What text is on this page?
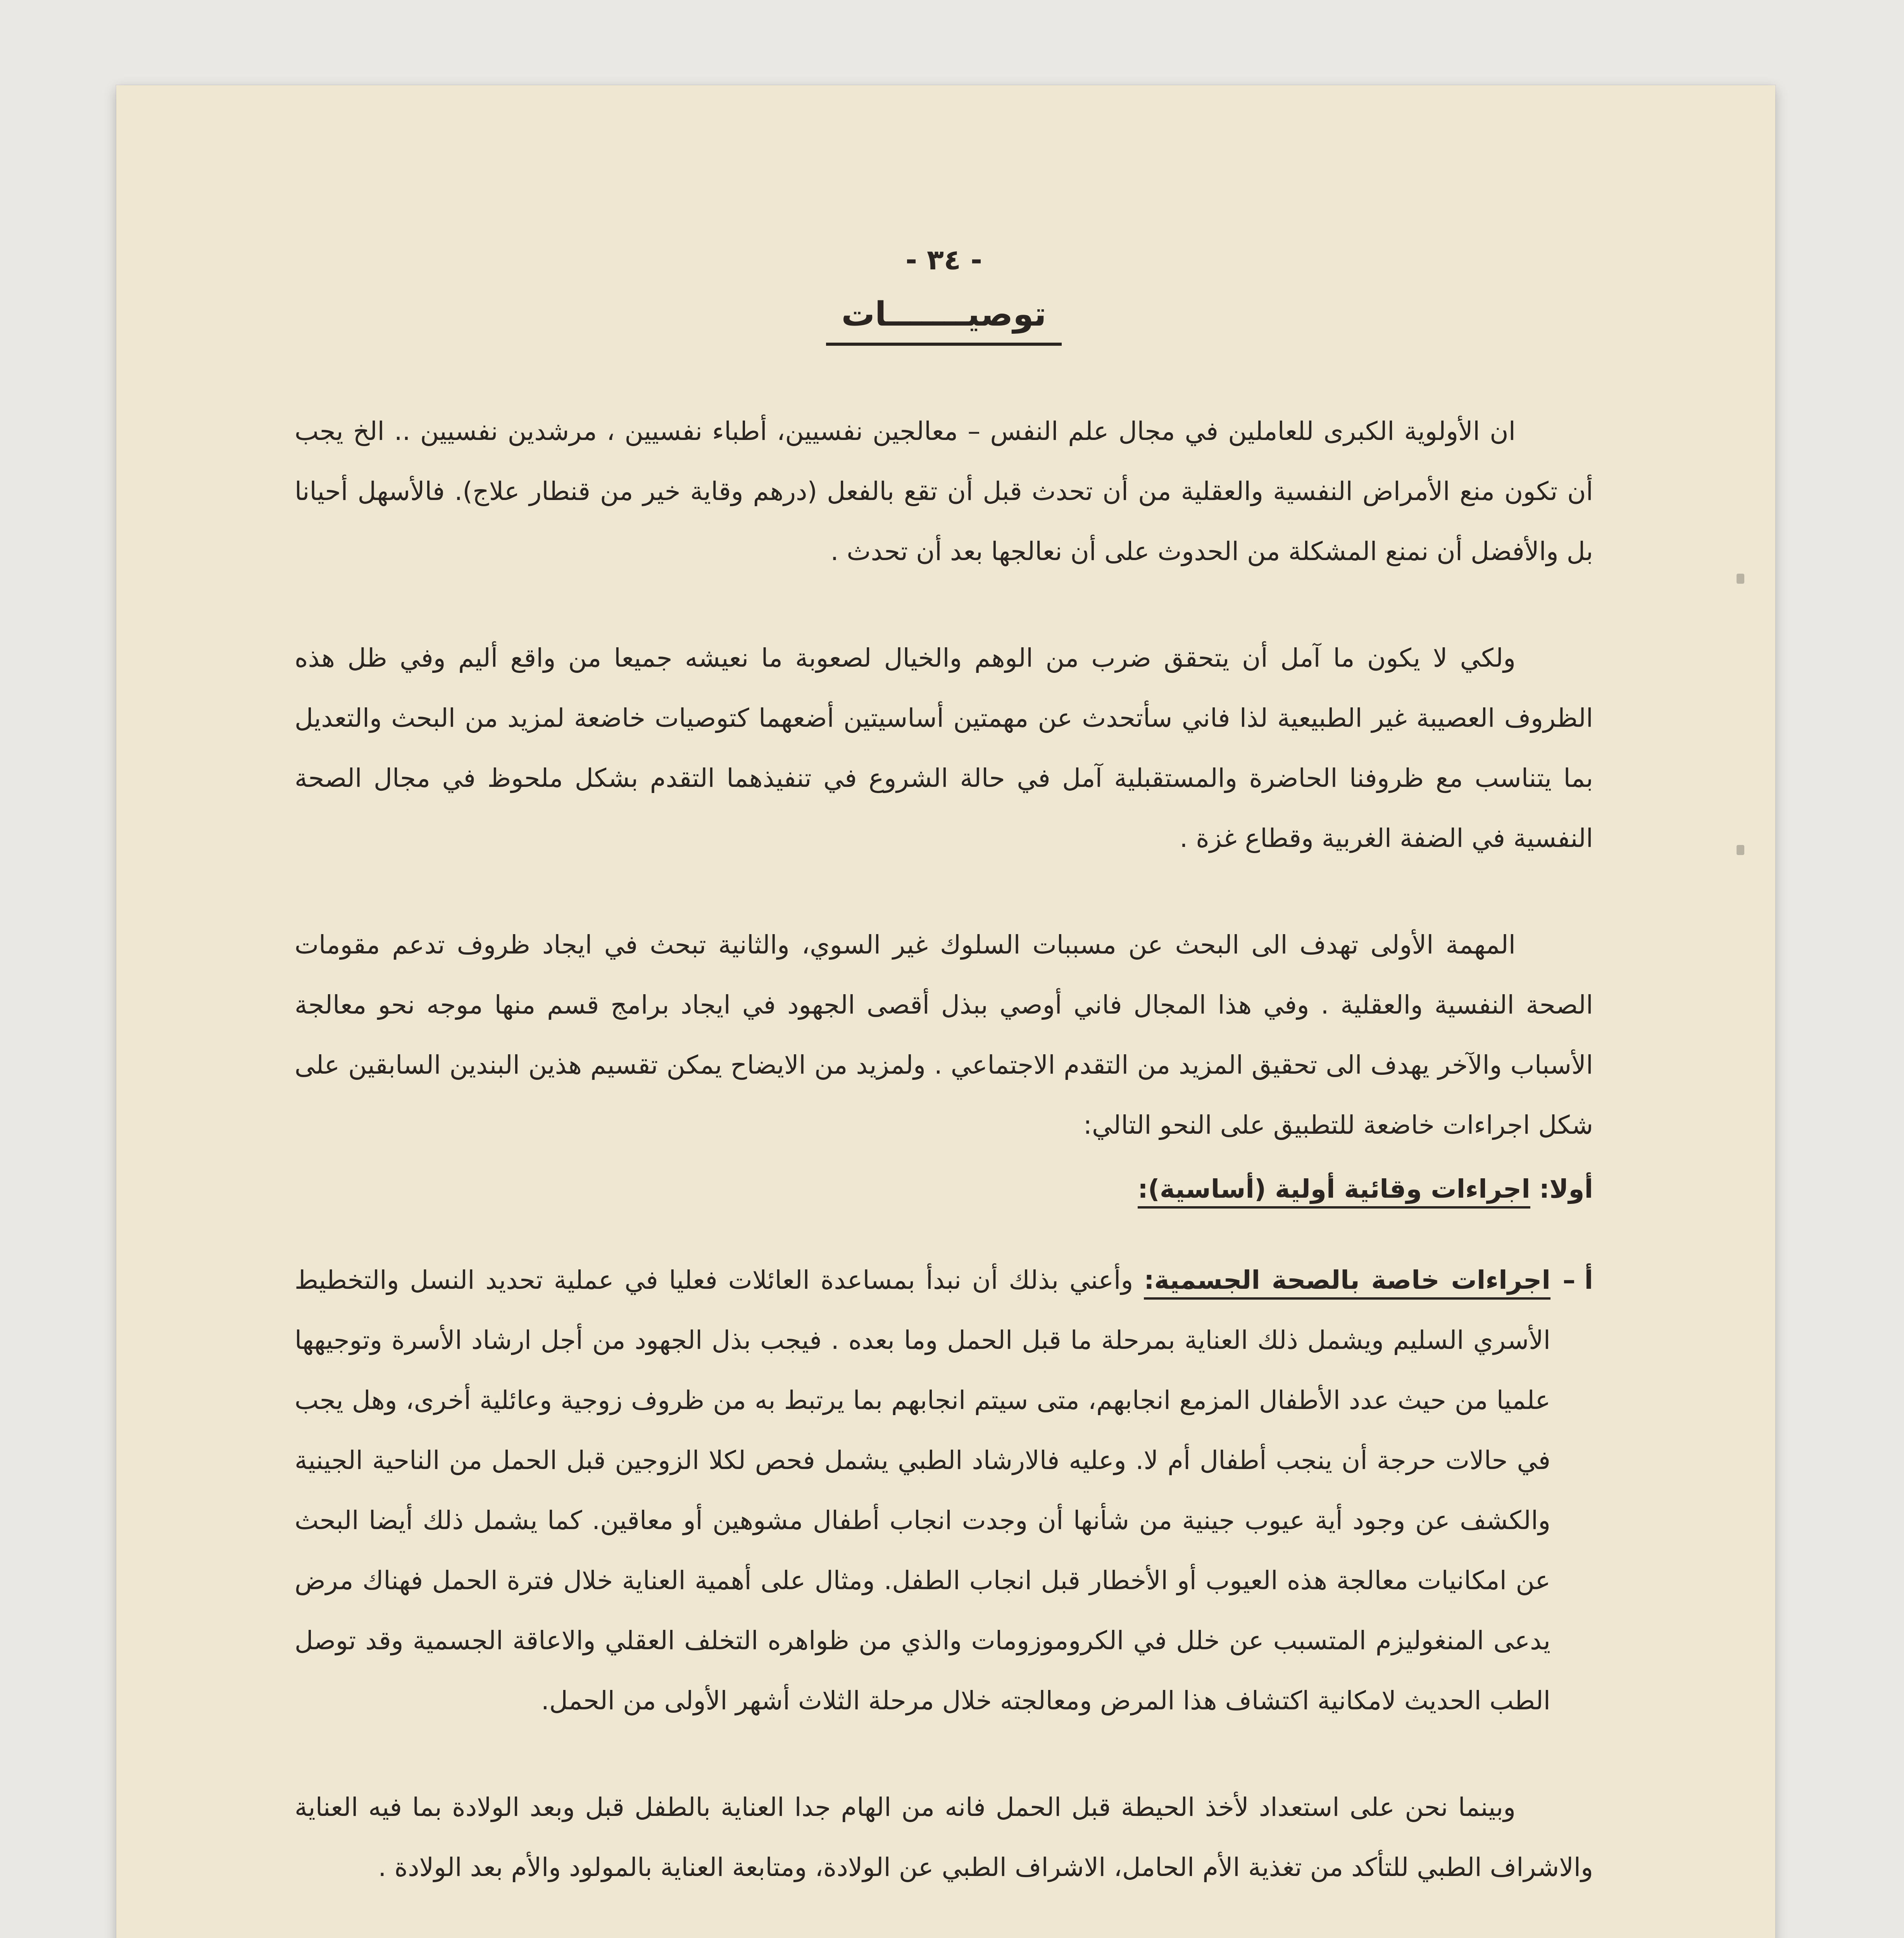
- ٣٤ -
توصيـــــــات

ان الأولوية الكبرى للعاملين في مجال علم النفس – معالجين نفسيين، أطباء نفسيين ، مرشدين نفسيين .. الخ يجب أن تكون منع الأمراض النفسية والعقلية من أن تحدث قبل أن تقع بالفعل (درهم وقاية خير من قنطار علاج). فالأسهل أحيانا بل والأفضل أن نمنع المشكلة من الحدوث على أن نعالجها بعد أن تحدث .

ولكي لا يكون ما آمل أن يتحقق ضرب من الوهم والخيال لصعوبة ما نعيشه جميعا من واقع أليم وفي ظل هذه الظروف العصيبة غير الطبيعية لذا فاني سأتحدث عن مهمتين أساسيتين أضعهما كتوصيات خاضعة لمزيد من البحث والتعديل بما يتناسب مع ظروفنا الحاضرة والمستقبلية آمل في حالة الشروع في تنفيذهما التقدم بشكل ملحوظ في مجال الصحة النفسية في الضفة الغربية وقطاع غزة .

المهمة الأولى تهدف الى البحث عن مسببات السلوك غير السوي، والثانية تبحث في ايجاد ظروف تدعم مقومات الصحة النفسية والعقلية . وفي هذا المجال فاني أوصي ببذل أقصى الجهود في ايجاد برامج قسم منها موجه نحو معالجة الأسباب والآخر يهدف الى تحقيق المزيد من التقدم الاجتماعي . ولمزيد من الايضاح يمكن تقسيم هذين البندين السابقين على شكل اجراءات خاضعة للتطبيق على النحو التالي:

أولا: اجراءات وقائية أولية (أساسية):
أ –
اجراءات خاصة بالصحة الجسمية: وأعني بذلك أن نبدأ بمساعدة العائلات فعليا في عملية تحديد النسل والتخطيط الأسري السليم ويشمل ذلك العناية بمرحلة ما قبل الحمل وما بعده . فيجب بذل الجهود من أجل ارشاد الأسرة وتوجيهها علميا من حيث عدد الأطفال المزمع انجابهم، متى سيتم انجابهم بما يرتبط به من ظروف زوجية وعائلية أخرى، وهل يجب في حالات حرجة أن ينجب أطفال أم لا. وعليه فالارشاد الطبي يشمل فحص لكلا الزوجين قبل الحمل من الناحية الجينية والكشف عن وجود أية عيوب جينية من شأنها أن وجدت انجاب أطفال مشوهين أو معاقين. كما يشمل ذلك أيضا البحث عن امكانيات معالجة هذه العيوب أو الأخطار قبل انجاب الطفل. ومثال على أهمية العناية خلال فترة الحمل فهناك مرض يدعى المنغوليزم المتسبب عن خلل في الكروموزومات والذي من ظواهره التخلف العقلي والاعاقة الجسمية وقد توصل الطب الحديث لامكانية اكتشاف هذا المرض ومعالجته خلال مرحلة الثلاث أشهر الأولى من الحمل.

وبينما نحن على استعداد لأخذ الحيطة قبل الحمل فانه من الهام جدا العناية بالطفل قبل وبعد الولادة بما فيه العناية والاشراف الطبي للتأكد من تغذية الأم الحامل، الاشراف الطبي عن الولادة، ومتابعة العناية بالمولود والأم بعد الولادة .
